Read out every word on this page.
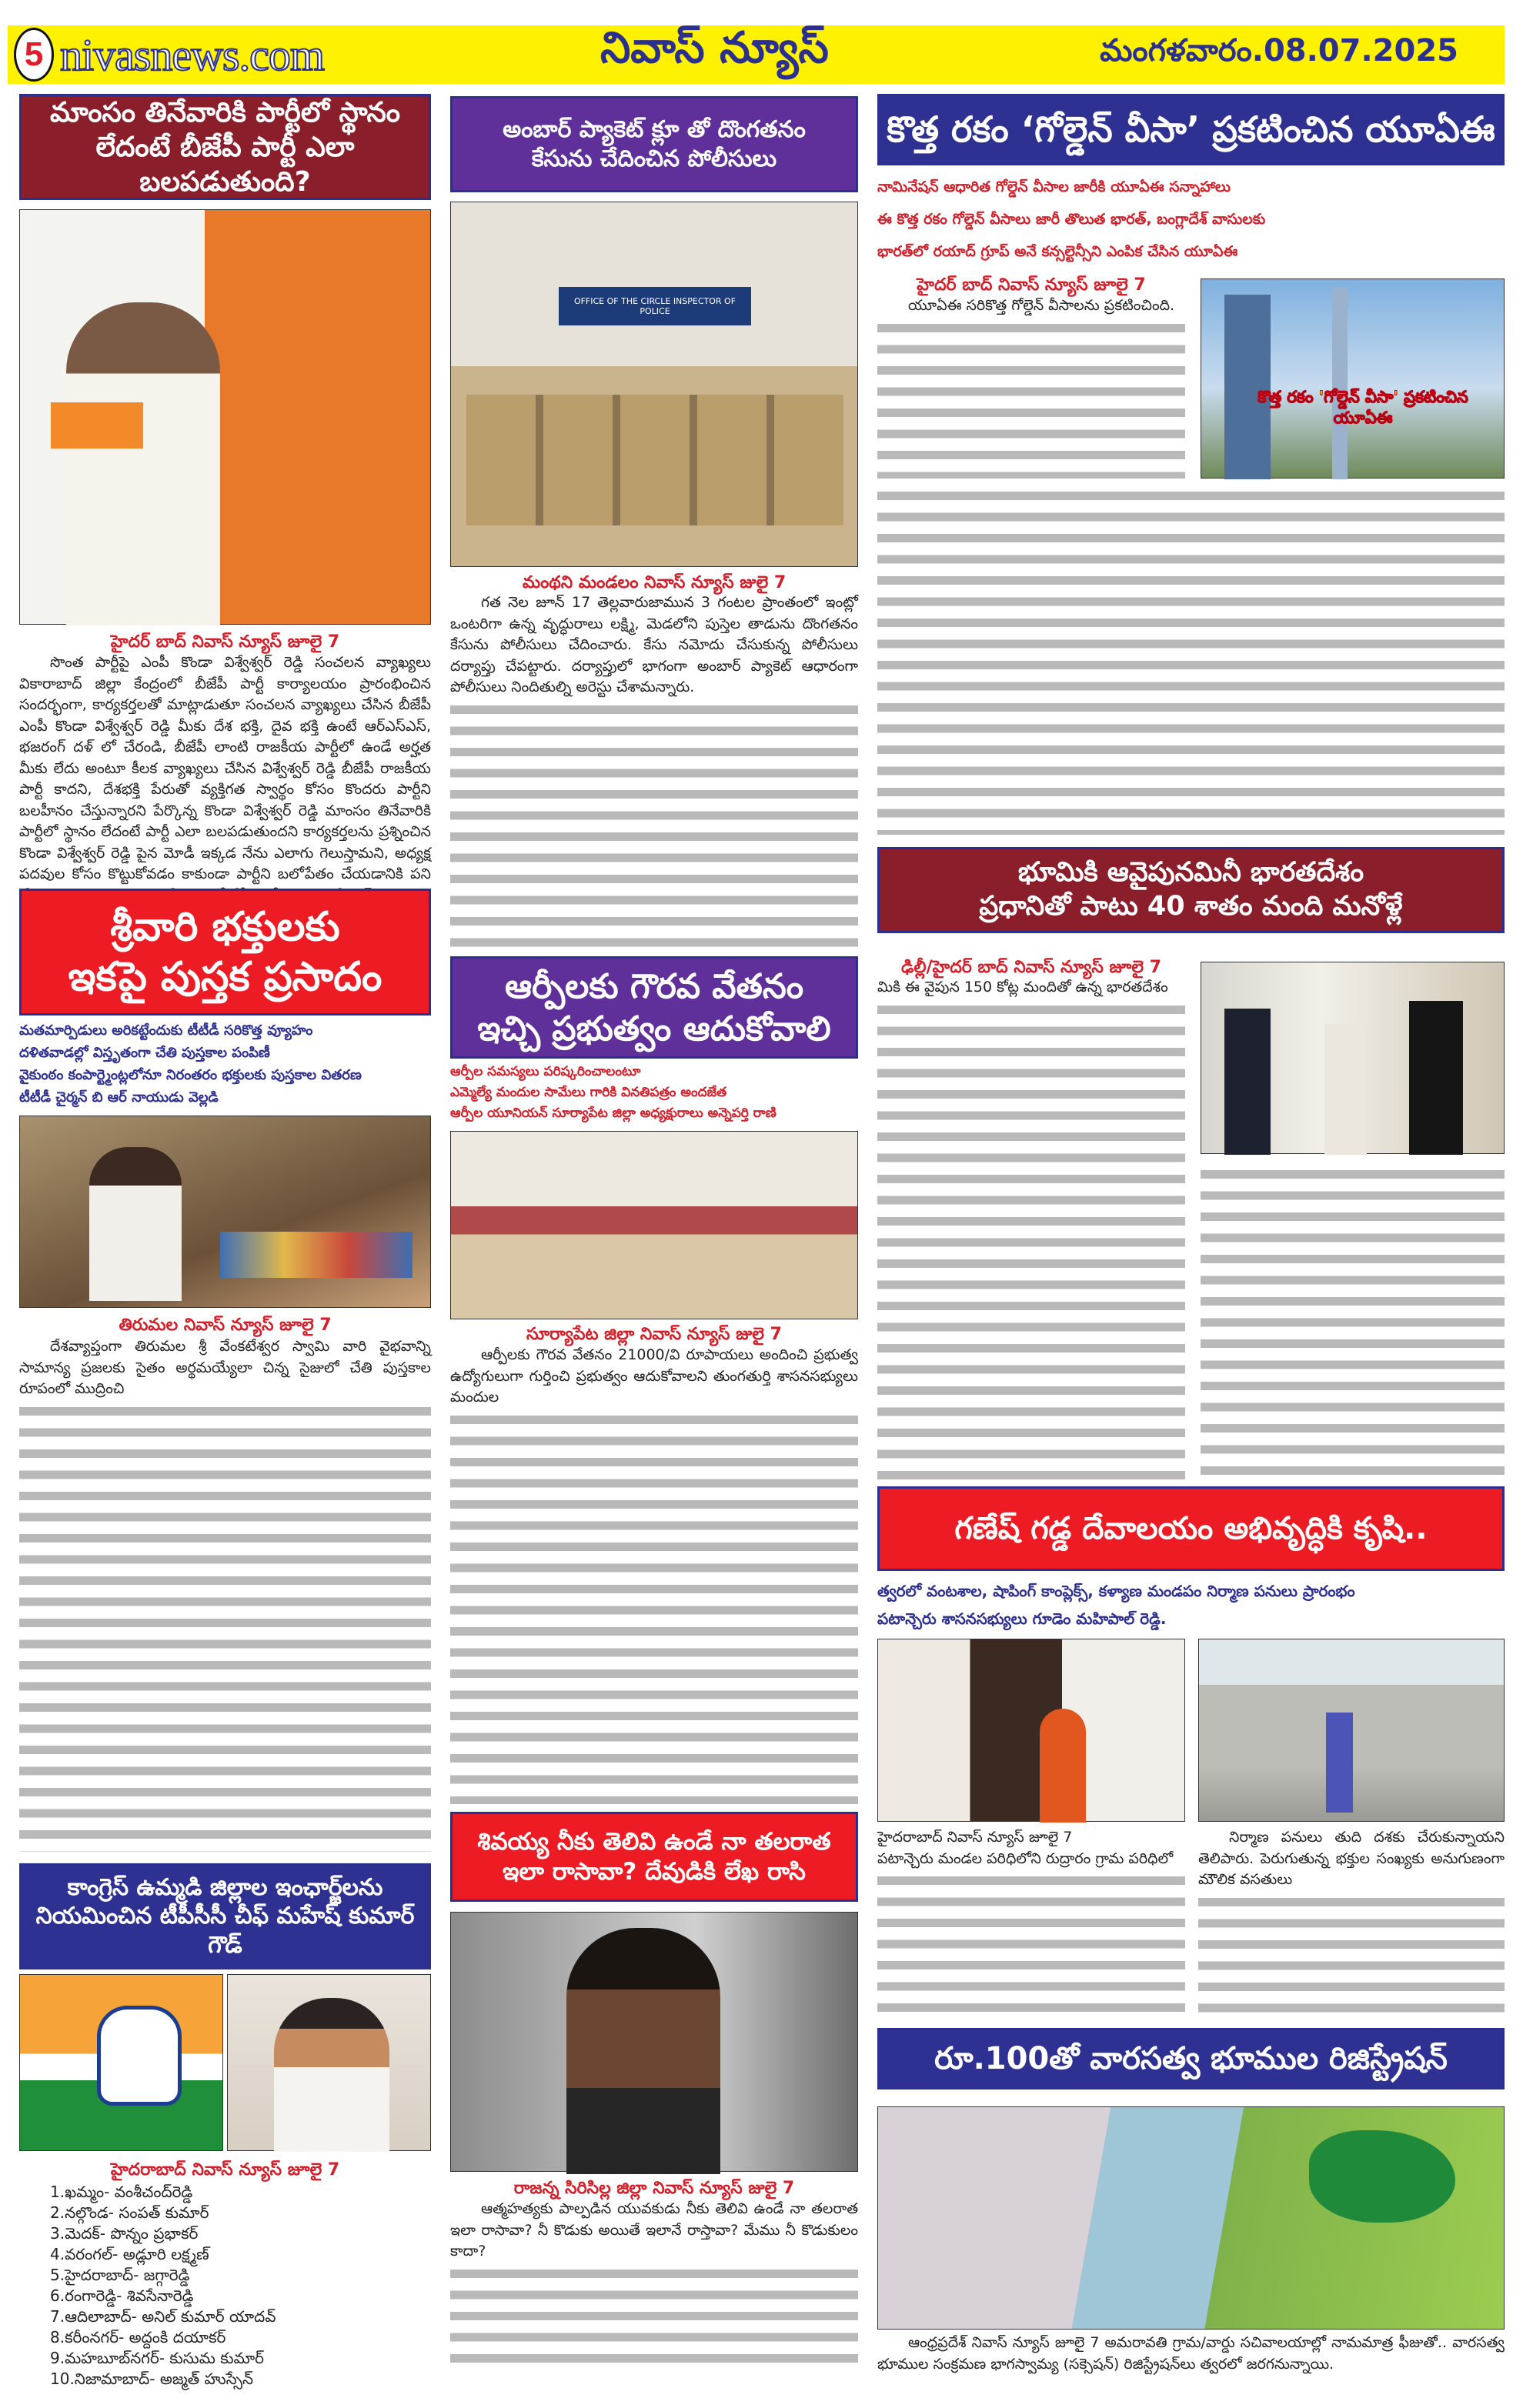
5 nivasnews.com	నివాస్ న్యూస్	మంగళవారం.08.07.2025
మాంసం తినేవారికి పార్టీలో స్థానం
లేదంటే బీజేపీ పార్టీ ఎలా బలపడుతుంది?
హైదర్ బాద్ నివాస్ న్యూస్ జూలై 7
సొంత పార్టీపై ఎంపీ కొండా విశ్వేశ్వర్ రెడ్డి సంచలన వ్యాఖ్యలు వికారాబాద్ జిల్లా కేంద్రంలో బీజేపీ పార్టీ కార్యాలయం ప్రారంభించిన సందర్భంగా, కార్యకర్తలతో మాట్లాడుతూ సంచలన వ్యాఖ్యలు చేసిన బీజేపీ ఎంపీ కొండా విశ్వేశ్వర్ రెడ్డి మీకు దేశ భక్తి, దైవ భక్తి ఉంటే ఆర్ఎస్ఎస్, భజరంగ్ దళ్ లో చేరండి, బీజేపీ లాంటి రాజకీయ పార్టీలో ఉండే అర్హత మీకు లేదు అంటూ కీలక వ్యాఖ్యలు చేసిన విశ్వేశ్వర్ రెడ్డి బీజేపీ రాజకీయ పార్టీ కాదని, దేశభక్తి పేరుతో వ్యక్తిగత స్వార్థం కోసం కొందరు పార్టీని బలహీనం చేస్తున్నారని పేర్కొన్న కొండా విశ్వేశ్వర్ రెడ్డి మాంసం తినేవారికి పార్టీలో స్థానం లేదంటే పార్టీ ఎలా బలపడుతుందని కార్యకర్తలను ప్రశ్నించిన కొండా విశ్వేశ్వర్ రెడ్డి పైన మోడీ ఇక్కడ నేను ఎలాగు గెలుస్తామని, అధ్యక్ష పదవుల కోసం కొట్టుకోవడం కాకుండా పార్టీని బలోపేతం చేయడానికి పని
శ్రీవారి భక్తులకు
ఇకపై పుస్తక ప్రసాదం
మతమార్పిడులు అరికట్టేందుకు టీటీడీ సరికొత్త వ్యూహం
దళితవాడల్లో విస్తృతంగా చేతి పుస్తకాల పంపిణీ
వైకుంఠం కంపార్ట్మెంట్లలోనూ నిరంతరం భక్తులకు పుస్తకాల వితరణ
టీటీడీ చైర్మన్ బి ఆర్ నాయుడు వెల్లడి
తిరుమల నివాస్ న్యూస్ జూలై 7
దేశవ్యాప్తంగా తిరుమల శ్రీ వేంకటేశ్వర స్వామి వారి వైభవాన్ని సామాన్య ప్రజలకు సైతం అర్థమయ్యేలా చిన్న సైజులో చేతి పుస్తకాల రూపంలో ముద్రించి
కాంగ్రెస్ ఉమ్మడి జిల్లాల ఇంఛార్జ్‌లను
నియమించిన టీపీసీసీ చీఫ్ మహేష్ కుమార్ గౌడ్
హైదరాబాద్ నివాస్ న్యూస్ జూలై 7
1.ఖమ్మం- వంశీచంద్‌రెడ్డి
2.నల్గొండ- సంపత్ కుమార్
3.మెదక్- పొన్నం ప్రభాకర్
4.వరంగల్- అడ్లూరి లక్ష్మణ్
5.హైదరాబాద్- జగ్గారెడ్డి
6.రంగారెడ్డి- శివసేనారెడ్డి
7.ఆదిలాబాద్- అనిల్ కుమార్ యాదవ్
8.కరీంనగర్- అద్దంకి దయాకర్
9.మహబూబ్‌నగర్- కుసుమ కుమార్
10.నిజామాబాద్- అజ్మత్ హుస్సేన్
అంబార్ ప్యాకెట్ క్లూ తో దొంగతనం
కేసును చేదించిన పోలీసులు
OFFICE OF THE CIRCLE INSPECTOR OF POLICE
మంథని మండలం నివాస్ న్యూస్ జులై 7
గత నెల జూన్ 17 తెల్లవారుజామున 3 గంటల ప్రాంతంలో ఇంట్లో ఒంటరిగా ఉన్న వృద్ధురాలు లక్ష్మి, మెడలోని పుస్తెల తాడును దొంగతనం కేసును పోలీసులు చేదించారు. కేసు నమోదు చేసుకున్న పోలీసులు దర్యాప్తు చేపట్టారు. దర్యాప్తులో భాగంగా అంబార్ ప్యాకెట్ ఆధారంగా పోలీసులు నిందితుల్ని అరెస్టు చేశామన్నారు.
ఆర్పీలకు గౌరవ వేతనం
ఇచ్చి ప్రభుత్వం ఆదుకోవాలి
ఆర్పీల సమస్యలు పరిష్కరించాలంటూ
ఎమ్మెల్యే మందుల సామేలు గారికి వినతిపత్రం అందజేత
ఆర్పీల యూనియన్ సూర్యాపేట జిల్లా అధ్యక్షురాలు అన్నెపర్తి రాణి
సూర్యాపేట జిల్లా నివాస్ న్యూస్ జులై 7
ఆర్పీలకు గౌరవ వేతనం 21000/వి రూపాయలు అందించి ప్రభుత్వ ఉద్యోగులుగా గుర్తించి ప్రభుత్వం ఆదుకోవాలని తుంగతుర్తి శాసనసభ్యులు మందుల
శివయ్య నీకు తెలివి ఉండే నా తలరాత
ఇలా రాసావా? దేవుడికి లేఖ రాసి
రాజన్న సిరిసిల్ల జిల్లా నివాస్ న్యూస్ జులై 7
ఆత్మహత్యకు పాల్పడిన యువకుడు నీకు తెలివి ఉండే నా తలరాత ఇలా రాసావా? నీ కొడుకు అయితే ఇలానే రాస్తావా? మేము నీ కొడుకులం కాదా?
కొత్త రకం ‘గోల్డెన్ వీసా’ ప్రకటించిన యూఏఈ
నామినేషన్ ఆధారిత గోల్డెన్ వీసాల జారీకి యూఏఈ సన్నాహాలు
ఈ కొత్త రకం గోల్డెన్ వీసాలు జారీ తొలుత భారత్, బంగ్లాదేశ్ వాసులకు
భారత్‌లో రయాద్ గ్రూప్ అనే కన్సల్టెన్సీని ఎంపిక చేసిన యూఏఈ
హైదర్ బాద్ నివాస్ న్యూస్ జూలై 7
యూఏఈ సరికొత్త గోల్డెన్ వీసాలను ప్రకటించింది.
కొత్త రకం 'గోల్డెన్ వీసా' ప్రకటించిన యూఏఈ
భూమికి ఆవైపునమినీ భారతదేశం
ప్రధానితో పాటు 40 శాతం మంది మనోళ్లే
ఢిల్లీ/హైదర్ బాద్ నివాస్ న్యూస్ జూలై 7
మికి ఈ వైపున 150 కోట్ల మందితో ఉన్న భారతదేశం
గణేష్ గడ్డ దేవాలయం అభివృద్ధికి కృషి..
త్వరలో వంటశాల, షాపింగ్ కాంప్లెక్స్, కళ్యాణ మండపం నిర్మాణ పనులు ప్రారంభం
పటాన్చెరు శాసనసభ్యులు గూడెం మహిపాల్ రెడ్డి.
హైదరాబాద్ నివాస్ న్యూస్ జూలై 7
పటాన్చెరు మండల పరిధిలోని రుద్రారం గ్రామ పరిధిలో
నిర్మాణ పనులు తుది దశకు చేరుకున్నాయని తెలిపారు. పెరుగుతున్న భక్తుల సంఖ్యకు అనుగుణంగా మౌలిక వసతులు
రూ.100తో వారసత్వ భూముల రిజిస్ట్రేషన్
ఆంధ్రప్రదేశ్ నివాస్ న్యూస్ జూలై 7 అమరావతి గ్రామ/వార్డు సచివాలయాల్లో నామమాత్ర ఫీజుతో.. వారసత్వ భూముల సంక్రమణ భాగస్వామ్య (సక్సెషన్) రిజిస్ట్రేషన్‌లు త్వరలో జరగనున్నాయి.
